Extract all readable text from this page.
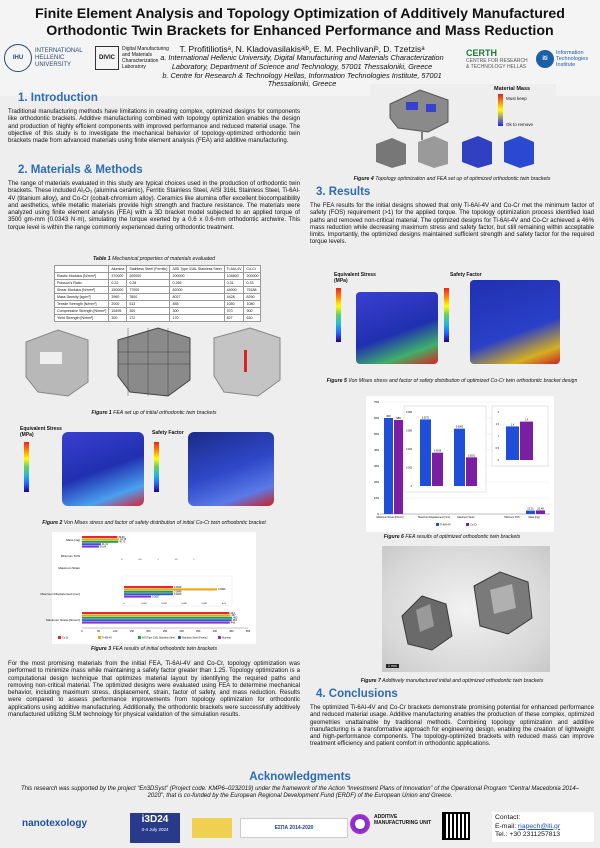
Finite Element Analysis and Topology Optimization of Additively Manufactured
Orthodontic Twin Brackets for Enhanced Performance and Mass Reduction
IHU
INTERNATIONAL HELLENIC UNIVERSITY
DIVIC
Digital Manufacturing and Materials Characterization Laboratory
T. Profitiliotisᵃ, N. Kladovasilakisᵃʲᵇ, E. M. Pechlivaniᵇ, D. Tzetzisᵃ
a. International Hellenic University, Digital Manufacturing and Materials Characterization Laboratory, Department of Science and Technology, 57001 Thessaloniki, Greece
b. Centre for Research & Technology Hellas, Information Technologies Institute, 57001 Thessaloniki, Greece
CERTH
CENTRE FOR RESEARCH & TECHNOLOGY HELLAS
iti
Information Technologies Institute
1. Introduction
Traditional manufacturing methods have limitations in creating complex, optimized designs for components like orthodontic brackets. Additive manufacturing combined with topology optimization enables the design and production of highly efficient components with improved performance and reduced material usage. The objective of this study is to investigate the mechanical behavior of topology-optimized orthodontic twin brackets made from advanced materials using finite element analysis (FEA) and additive manufacturing.
2. Materials & Methods
The range of materials evaluated in this study are typical choices used in the production of orthodontic twin brackets. These included Al₂O₃ (alumina ceramic), Ferritic Stainless Steel, AISI 316L Stainless Steel, Ti-6Al-4V (titanium alloy), and Co-Cr (cobalt-chromium alloy). Ceramics like alumina offer excellent biocompatibility and aesthetics, while metallic materials provide high strength and fracture resistance. The materials were analyzed using finite element analysis (FEA) with a 3D bracket model subjected to an applied torque of 3500 gm-mm (0.0343 N·m), simulating the torque exerted by a 0.6 x 0.6-mm orthodontic archwire. This torque level is within the range commonly experienced during orthodontic treatment.
Table 1 Mechanical properties of materials evaluated
	Alumina	Stainless Steel (Ferritic)	AISI Type 316L Stainless Steel	Ti-6Al-4V	Co-Cr
Elastic Modulus [N/mm²]	370000	200000	200000	104800	200000
Poisson's Ratio	0.22	0.28	0.265	0.31	0.33
Shear Modulus [N/mm²]	150000	77000	82000	44000	75188
Mass Density [kg/m³]	3960	7800	8027	4428	8290
Tensile Strength [N/mm²]	2000	513	485	1050	1080
Compressive Strength [N/mm²]	15495	300	300	970	900
Yield Strength [N/mm²]	300	172	170	827	630
Figure 1 FEA set up of initial orthodontic twin brackets
Equivalent Stress (MPa)	Safety Factor
Figure 2 Von Mises stress and factor of safety distribution of initial Co-Cr twin orthodontic bracket
Maximum Stress [N/mm²]
Maximum Displacement [mm]
Maximum Strain
Minimum FOS
Mass [mg]
444
447
452
451
445
0.0049
0.0093
0.0049
0.0049
0.0027
0	0.002	0.004	0.006	0.008	0.01
39.89
41.78
40.73
21.31
19.04
0	0.5	1	1.5	2
0	50	100	150	200	250	300	350	400	450	500
Co-Cr	Ti-6Al-4V	AISI Type 316L Stainless Steel	Stainless Steel (Ferritic)	Alumina
Figure 3 FEA results of initial orthodontic twin brackets
For the most promising materials from the initial FEA, Ti-6Al-4V and Co-Cr, topology optimization was performed to minimize mass while maintaining a safety factor greater than 1.25. Topology optimization is a computational design technique that optimizes material layout by identifying the required paths and removing non-critical material. The optimized designs were evaluated using FEA to determine mechanical behavior, including maximum stress, displacement, strain, factor of safety, and mass reduction. Results were compared to assess performance improvements from topology optimization for orthodontic applications using additive manufacturing. Additionally, the orthodontic brackets were successfully additively manufactured utilizing SLM technology for physical validation of the simulation results.
Material Mass
Must keep
Ok to remove
Figure 4 Topology optimization and FEA set up of optimized orthodontic twin brackets
3. Results
The FEA results for the initial designs showed that only Ti-6Al-4V and Co-Cr met the minimum factor of safety (FOS) requirement (>1) for the applied torque. The topology optimization process identified load paths and removed non-critical material. The optimized designs for Ti-6Al-4V and Co-Cr achieved a 46% mass reduction while decreasing maximum stress and safety factor, but still remaining within acceptable limits. Importantly, the optimized designs maintained sufficient strength and safety factor for the required torque levels.
Equivalent Stress (MPa)
Safety Factor
Figure 5 Von Mises stress and factor of safety distribution of optimized Co-Cr twin orthodontic bracket design
0
100
200
300
400
500
600
700
600
588
21.31 22.48
0
0.002
0.004
0.006
0.008
0.0072
0.0036
0.0062
0.0031
0
0.5
1
1.5
2
1.4
1.6
Maximum Stress [N/mm²]	Maximum Displacement [mm]	Maximum Strain	Minimum FOS	Mass [mg]
Ti-6Al-4V	Co-Cr
Figure 6 FEA results of optimized orthodontic twin brackets
1 mm
Figure 7 Additively manufactured initial and optimized orthodontic twin brackets
4. Conclusions
The optimized Ti-6Al-4V and Co-Cr brackets demonstrate promising potential for enhanced performance and reduced material usage. Additive manufacturing enables the production of these complex, optimized geometries unattainable by traditional methods. Combining topology optimization and additive manufacturing is a transformative approach for engineering design, enabling the creation of lightweight and high-performance components. The topology-optimized brackets with reduced mass can improve treatment efficiency and patient comfort in orthodontic applications.
Acknowledgments
This research was supported by the project “En3DSyst” (Project code: KMP6–0232019) under the framework of the Action “Investment Plans of Innovation” of the Operational Program “Central Macedonia 2014–2020”, that is co-funded by the European Regional Development Fund (ERDF) of the European Union and Greece.
nanotexology	i3D24
3-4 July 2024	ΕΣΠΑ 2014-2020
ADDITIVE MANUFACTURING UNIT
Contact:
E-mail: riapech@iti.gr
Tel.: +30 2311257813
